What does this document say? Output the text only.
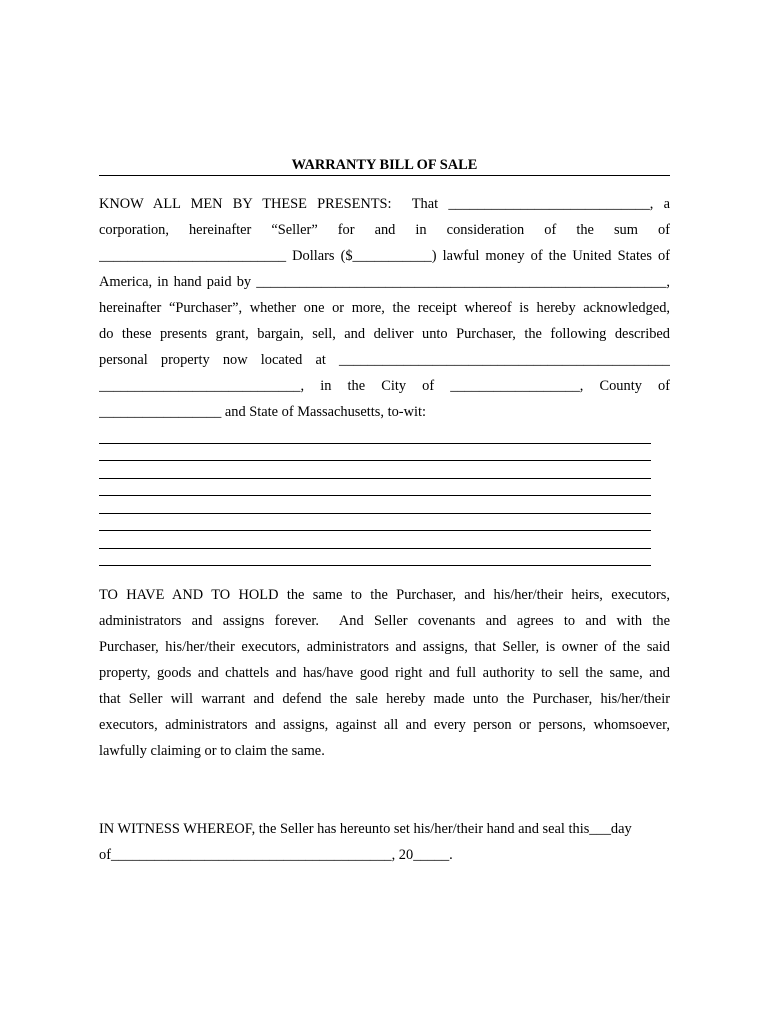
WARRANTY BILL OF SALE
KNOW ALL MEN BY THESE PRESENTS:  That ____________________________, a
corporation, hereinafter “Seller” for and in consideration of the sum of
__________________________ Dollars ($___________) lawful money of the United States of
America, in hand paid by _________________________________________________________,
hereinafter “Purchaser”, whether one or more, the receipt whereof is hereby acknowledged,
do these presents grant, bargain, sell, and deliver unto Purchaser, the following described
personal property now located at ______________________________________________
____________________________, in the City of __________________, County of
_________________ and State of Massachusetts, to-wit:
TO HAVE AND TO HOLD the same to the Purchaser, and his/her/their heirs, executors,
administrators and assigns forever.  And Seller covenants and agrees to and with the
Purchaser, his/her/their executors, administrators and assigns, that Seller, is owner of the said
property, goods and chattels and has/have good right and full authority to sell the same, and
that Seller will warrant and defend the sale hereby made unto the Purchaser, his/her/their
executors, administrators and assigns, against all and every person or persons, whomsoever,
lawfully claiming or to claim the same.
IN WITNESS WHEREOF, the Seller has hereunto set his/her/their hand and seal this___day
of_______________________________________, 20_____.
